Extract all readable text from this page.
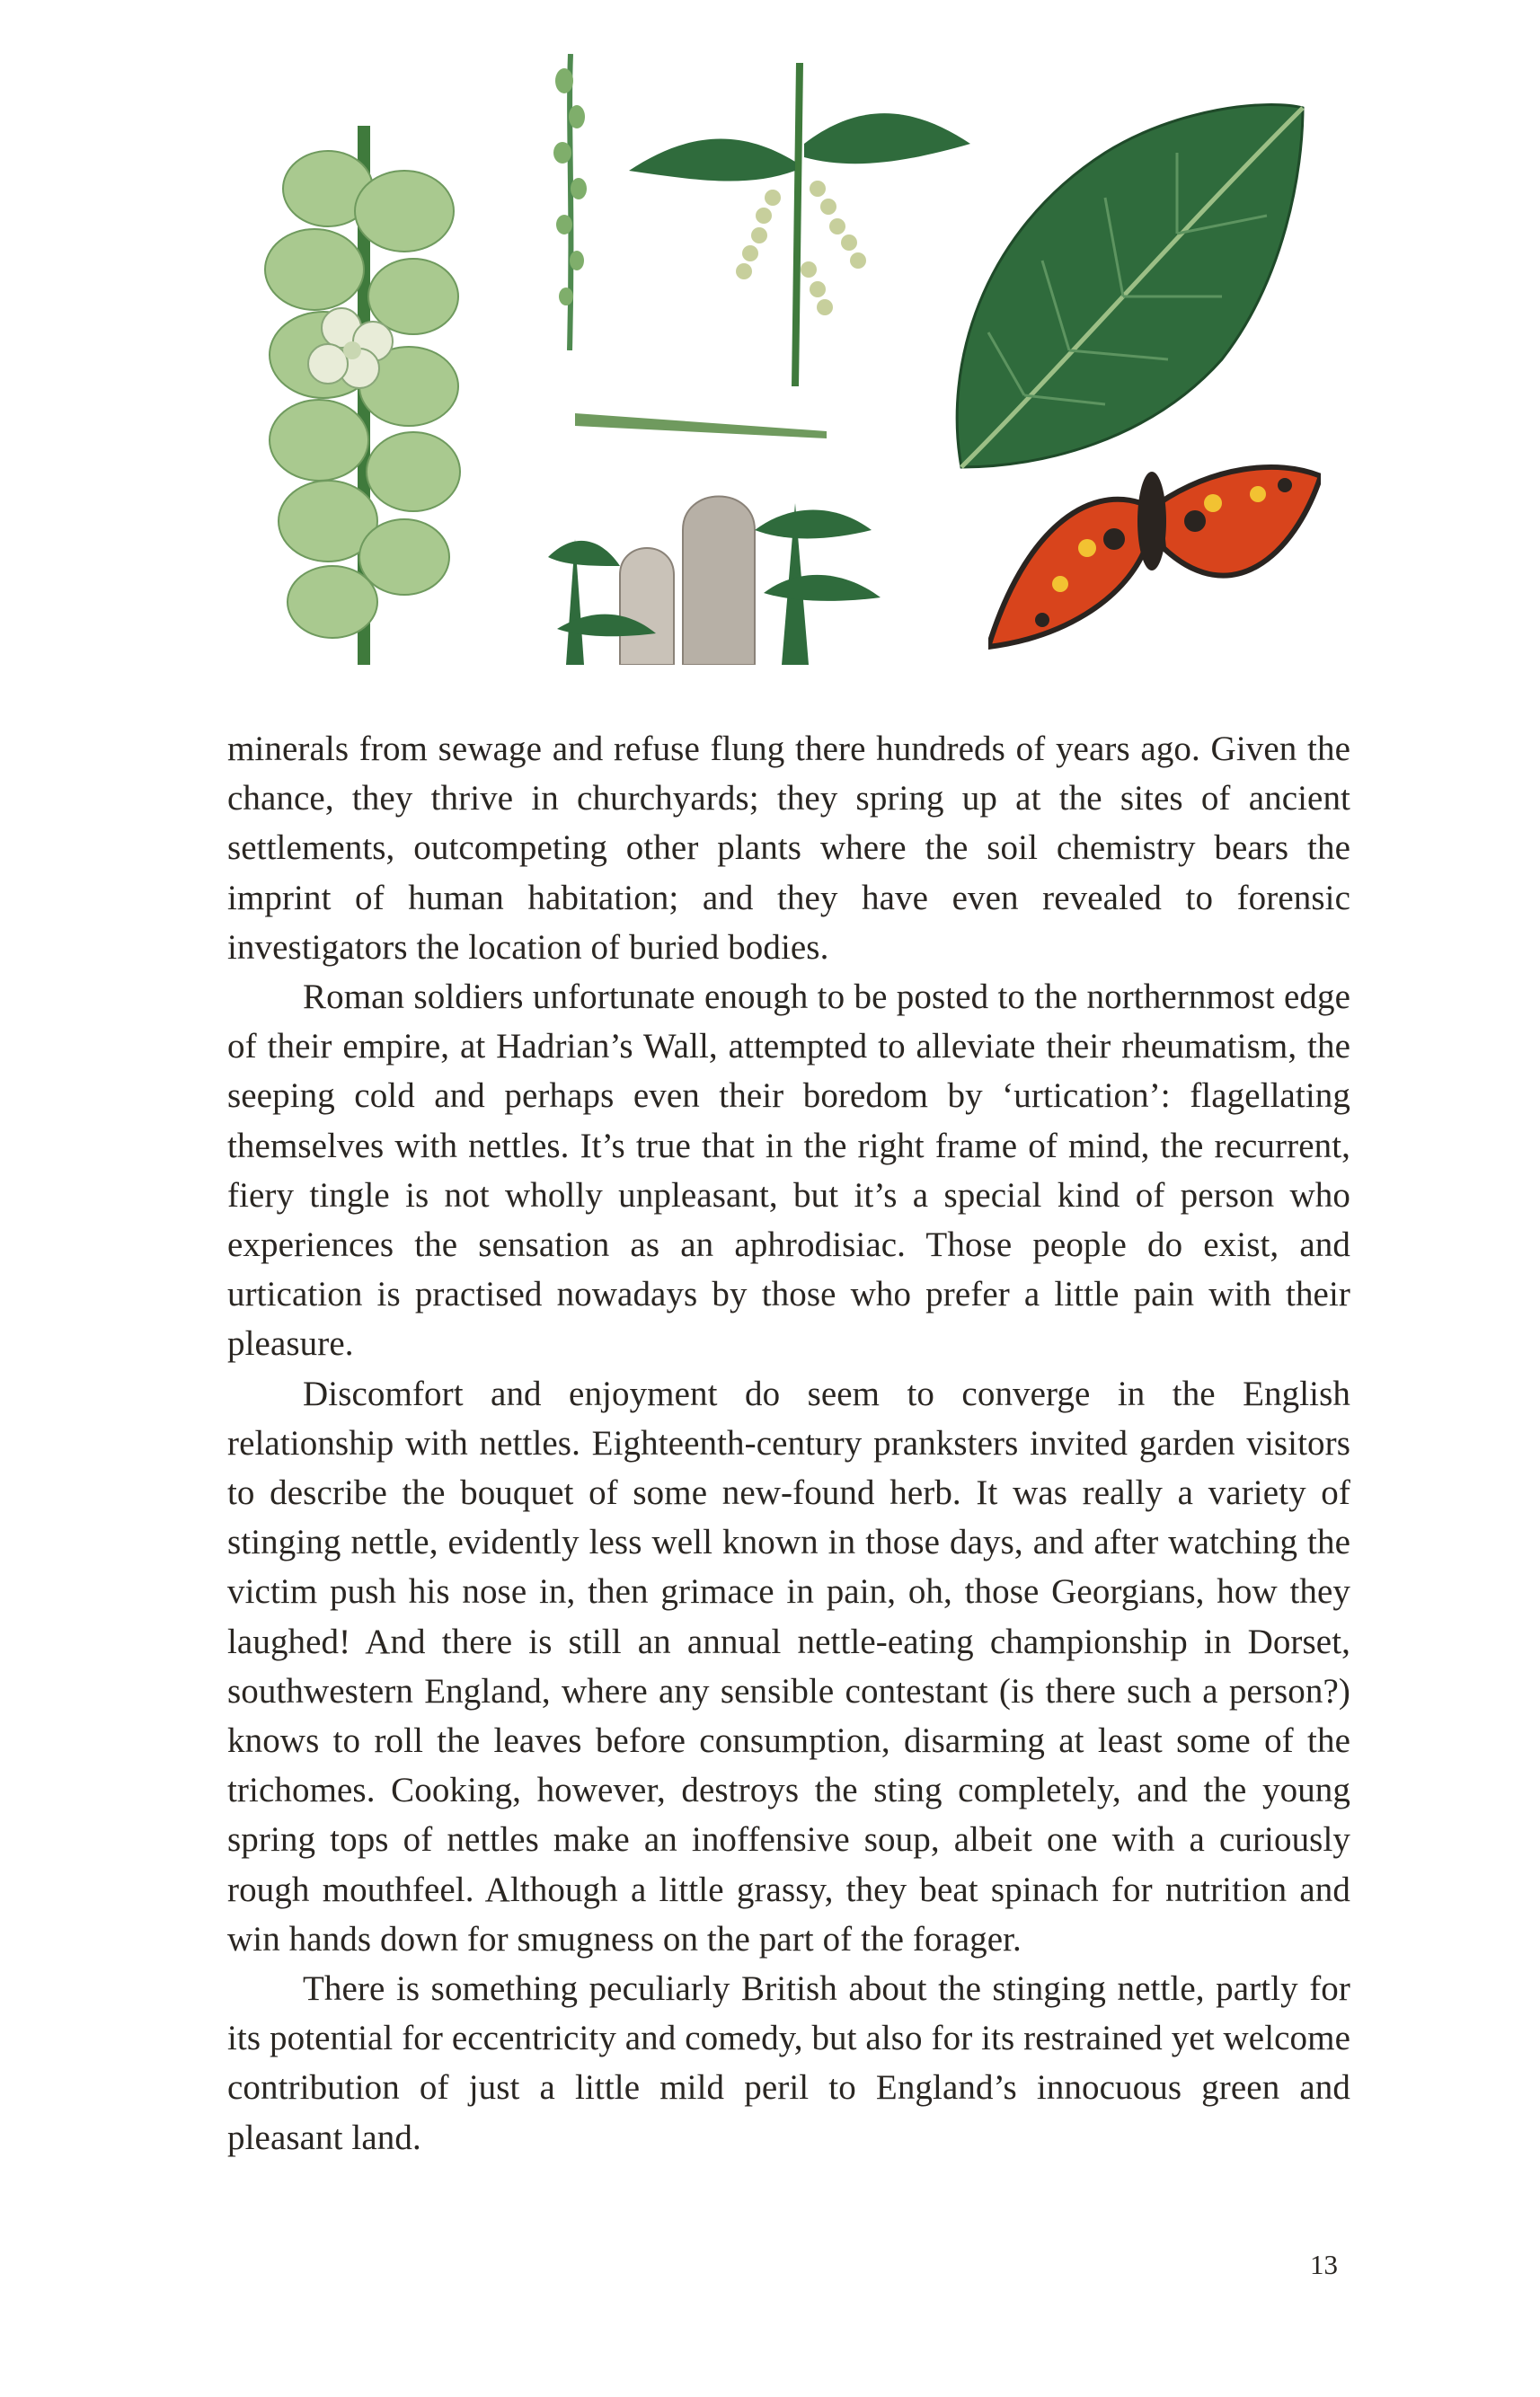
minerals from sewage and refuse flung there hundreds of years ago. Given the chance, they thrive in churchyards; they spring up at the sites of ancient settlements, outcompeting other plants where the soil chemistry bears the imprint of human habitation; and they have even revealed to forensic investigators the location of buried bodies.

Roman soldiers unfortunate enough to be posted to the northernmost edge of their empire, at Hadrian’s Wall, attempted to alleviate their rheumatism, the seeping cold and perhaps even their boredom by ‘urtication’: flagellating themselves with nettles. It’s true that in the right frame of mind, the recurrent, fiery tingle is not wholly unpleasant, but it’s a special kind of person who experiences the sensation as an aphrodisiac. Those people do exist, and urtication is practised nowadays by those who prefer a little pain with their pleasure.

Discomfort and enjoyment do seem to converge in the English relationship with nettles. Eighteenth-century pranksters invited garden visitors to describe the bouquet of some new-found herb. It was really a variety of stinging nettle, evidently less well known in those days, and after watching the victim push his nose in, then grimace in pain, oh, those Georgians, how they laughed! And there is still an annual nettle-eating championship in Dorset, southwestern England, where any sensible contestant (is there such a person?) knows to roll the leaves before consumption, disarming at least some of the trichomes. Cooking, however, destroys the sting completely, and the young spring tops of nettles make an inoffensive soup, albeit one with a curiously rough mouthfeel. Although a little grassy, they beat spinach for nutrition and win hands down for smugness on the part of the forager.

There is something peculiarly British about the stinging nettle, partly for its potential for eccentricity and comedy, but also for its restrained yet welcome contribution of just a little mild peril to England’s innocuous green and pleasant land.

13
